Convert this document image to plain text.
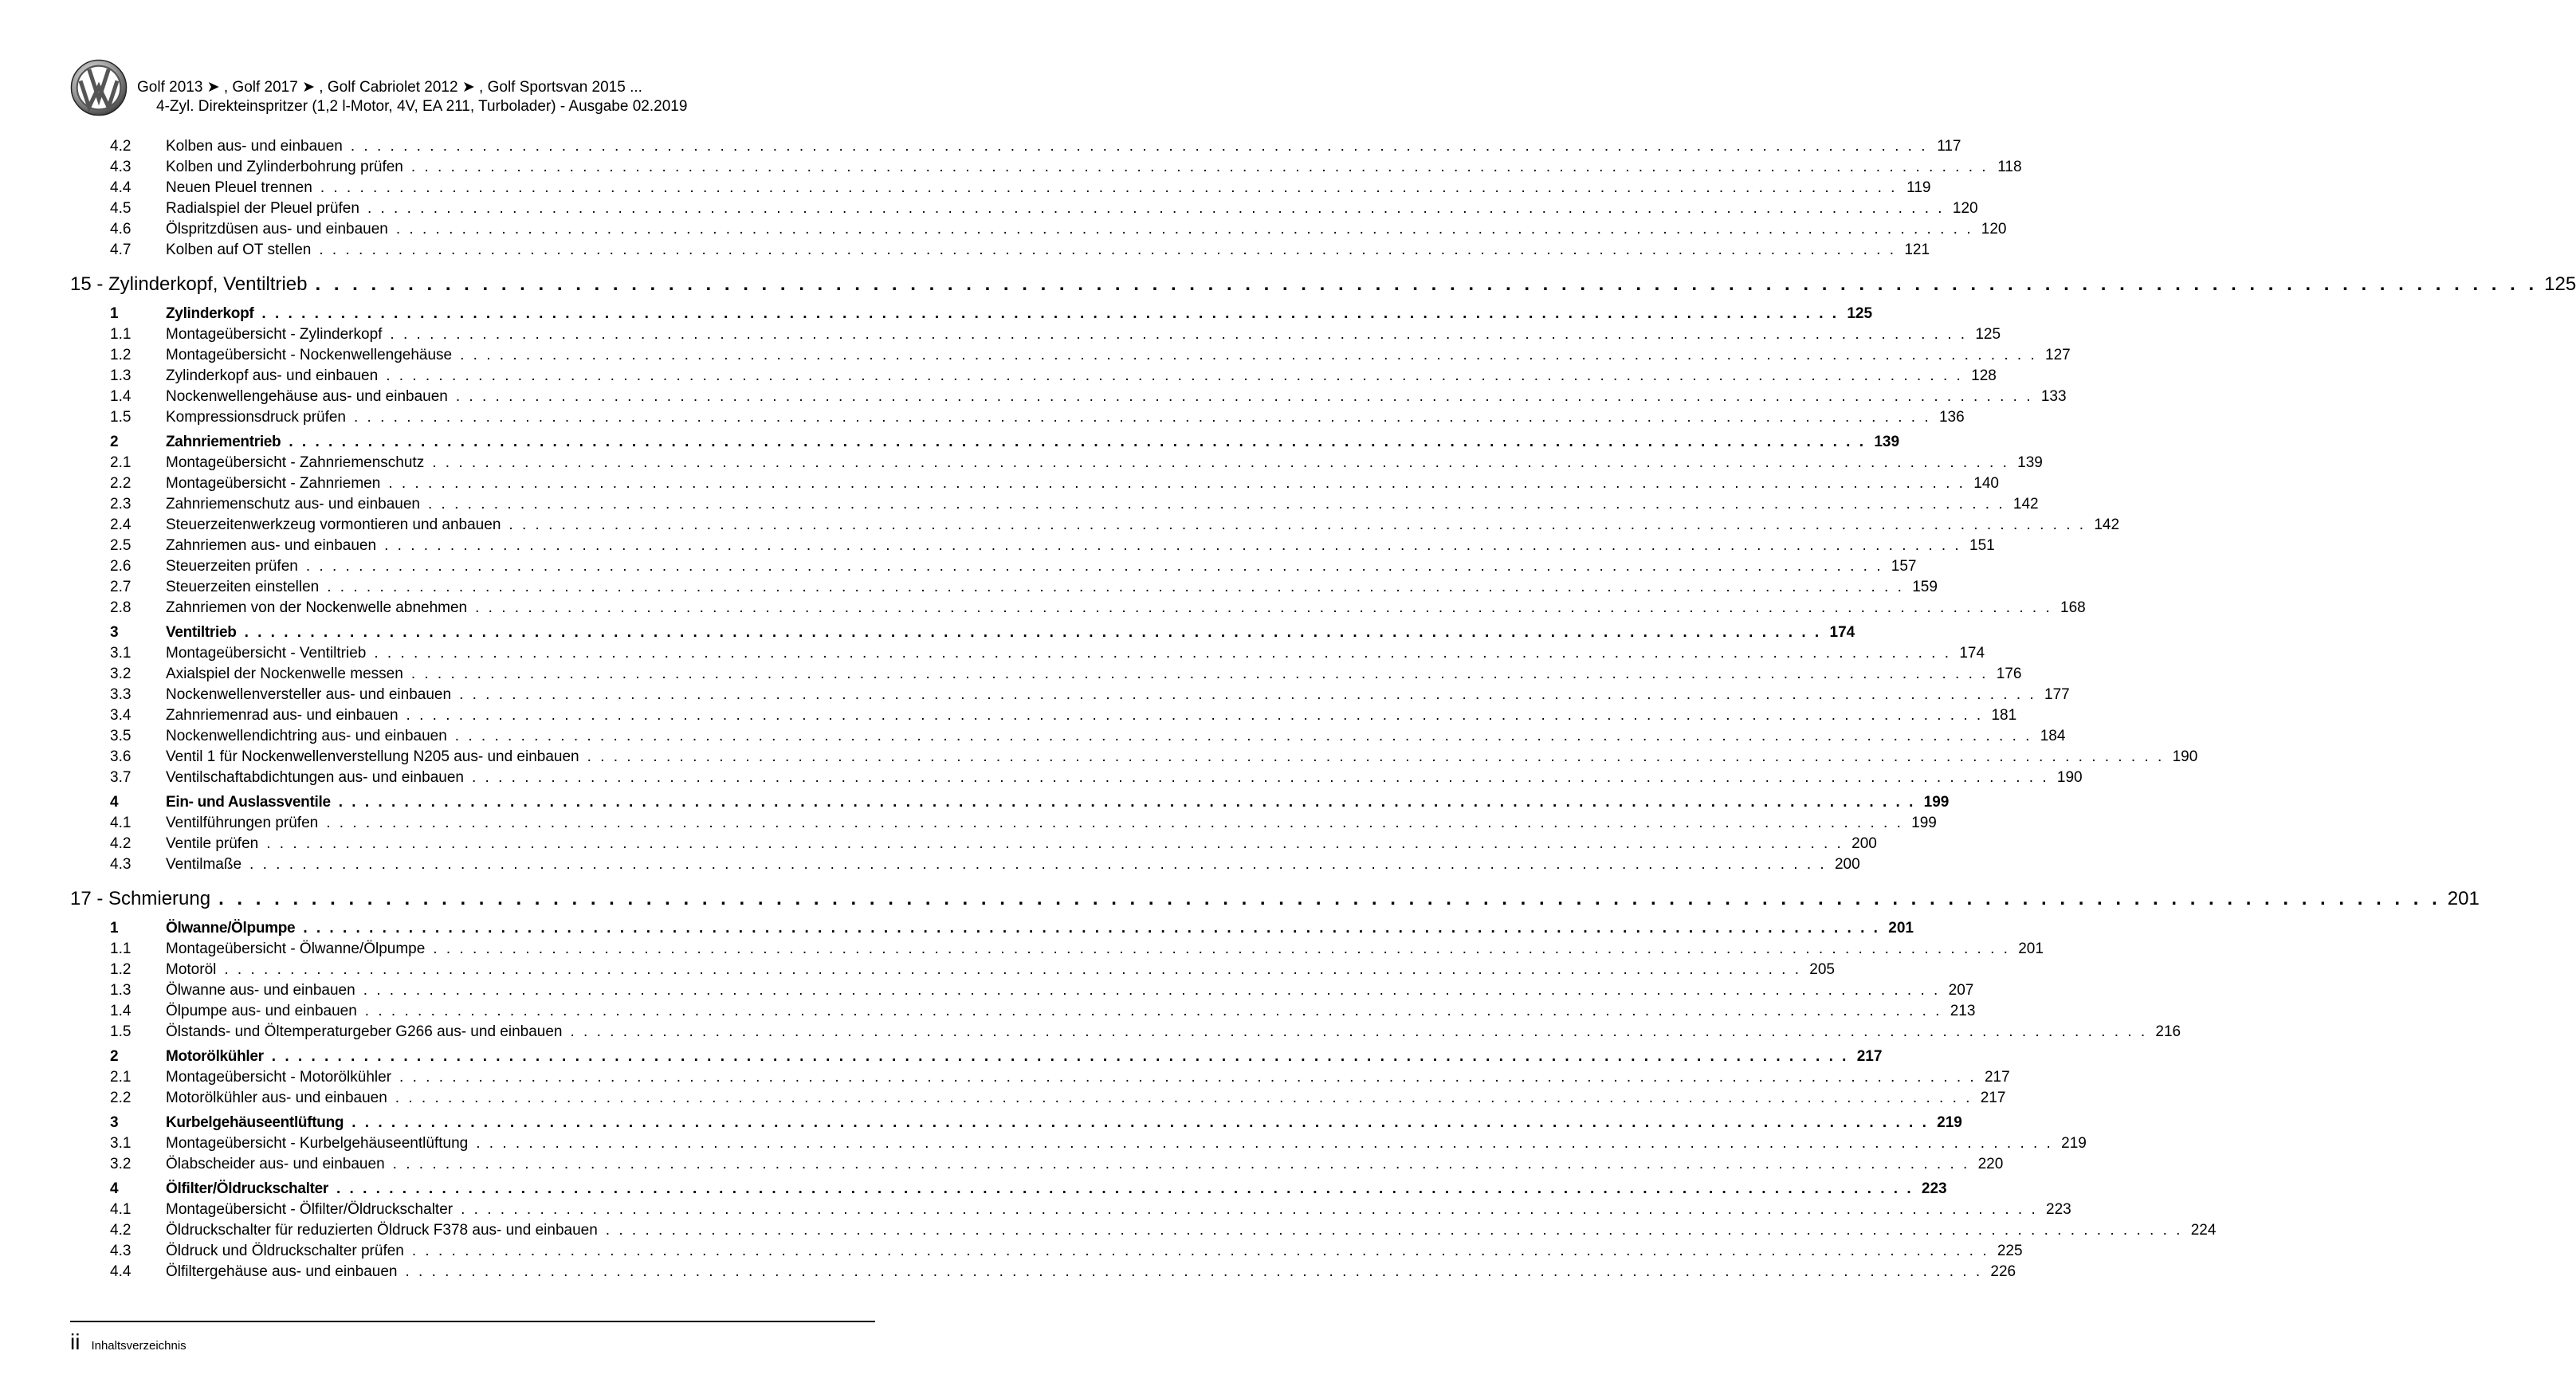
Golf 2013 ➤ , Golf 2017 ➤ , Golf Cabriolet 2012 ➤ , Golf Sportsvan 2015 ...
4-Zyl. Direkteinspritzer (1,2 l-Motor, 4V, EA 211, Turbolader) - Ausgabe 02.2019
4.2	Kolben aus- und einbauen . . . . . . . . . . . . . . . . . . . . . . . . . . . . . . . . . . . . . . . . . . . . . . . . . . . . . . . . . . . . . . . . . . . . . . . . . . . . . . . . . . . . . . . . . . . . . . . . . . . . . . . . . . . . . . . . . . . . . . . . 117
4.3	Kolben und Zylinderbohrung prüfen . . . . . . . . . . . . . . . . . . . . . . . . . . . . . . . . . . . . . . . . . . . . . . . . . . . . . . . . . . . . . . . . . . . . . . . . . . . . . . . . . . . . . . . . . . . . . . . . . . . . . . . . . . . . . . . . . . . . . . . . 118
4.4	Neuen Pleuel trennen . . . . . . . . . . . . . . . . . . . . . . . . . . . . . . . . . . . . . . . . . . . . . . . . . . . . . . . . . . . . . . . . . . . . . . . . . . . . . . . . . . . . . . . . . . . . . . . . . . . . . . . . . . . . . . . . . . . . . . . . 119
4.5	Radialspiel der Pleuel prüfen . . . . . . . . . . . . . . . . . . . . . . . . . . . . . . . . . . . . . . . . . . . . . . . . . . . . . . . . . . . . . . . . . . . . . . . . . . . . . . . . . . . . . . . . . . . . . . . . . . . . . . . . . . . . . . . . . . . . . . . . 120
4.6	Ölspritzdüsen aus- und einbauen . . . . . . . . . . . . . . . . . . . . . . . . . . . . . . . . . . . . . . . . . . . . . . . . . . . . . . . . . . . . . . . . . . . . . . . . . . . . . . . . . . . . . . . . . . . . . . . . . . . . . . . . . . . . . . . . . . . . . . . . 120
4.7	Kolben auf OT stellen . . . . . . . . . . . . . . . . . . . . . . . . . . . . . . . . . . . . . . . . . . . . . . . . . . . . . . . . . . . . . . . . . . . . . . . . . . . . . . . . . . . . . . . . . . . . . . . . . . . . . . . . . . . . . . . . . . . . . . . . 121
15 - Zylinderkopf, Ventiltrieb . . . . . . . . . . . . . . . . . . . . . . . . . . . . . . . . . . . . . . . . . . . . . . . . . . . . . . . . . . . . . . . . . . . . . . . . . . . . . . . . . . . . . . . . . . . . . . . . . . . . . . . . . . . . . . . . . . . . . . . . 125
1	Zylinderkopf . . . . . . . . . . . . . . . . . . . . . . . . . . . . . . . . . . . . . . . . . . . . . . . . . . . . . . . . . . . . . . . . . . . . . . . . . . . . . . . . . . . . . . . . . . . . . . . . . . . . . . . . . . . . . . . . . . . . . . . . 125
1.1	Montageübersicht - Zylinderkopf . . . . . . . . . . . . . . . . . . . . . . . . . . . . . . . . . . . . . . . . . . . . . . . . . . . . . . . . . . . . . . . . . . . . . . . . . . . . . . . . . . . . . . . . . . . . . . . . . . . . . . . . . . . . . . . . . . . . . . . . 125
1.2	Montageübersicht - Nockenwellengehäuse . . . . . . . . . . . . . . . . . . . . . . . . . . . . . . . . . . . . . . . . . . . . . . . . . . . . . . . . . . . . . . . . . . . . . . . . . . . . . . . . . . . . . . . . . . . . . . . . . . . . . . . . . . . . . . . . . . . . . . . . 127
1.3	Zylinderkopf aus- und einbauen . . . . . . . . . . . . . . . . . . . . . . . . . . . . . . . . . . . . . . . . . . . . . . . . . . . . . . . . . . . . . . . . . . . . . . . . . . . . . . . . . . . . . . . . . . . . . . . . . . . . . . . . . . . . . . . . . . . . . . . . 128
1.4	Nockenwellengehäuse aus- und einbauen . . . . . . . . . . . . . . . . . . . . . . . . . . . . . . . . . . . . . . . . . . . . . . . . . . . . . . . . . . . . . . . . . . . . . . . . . . . . . . . . . . . . . . . . . . . . . . . . . . . . . . . . . . . . . . . . . . . . . . . . 133
1.5	Kompressionsdruck prüfen . . . . . . . . . . . . . . . . . . . . . . . . . . . . . . . . . . . . . . . . . . . . . . . . . . . . . . . . . . . . . . . . . . . . . . . . . . . . . . . . . . . . . . . . . . . . . . . . . . . . . . . . . . . . . . . . . . . . . . . . 136
2	Zahnriementrieb . . . . . . . . . . . . . . . . . . . . . . . . . . . . . . . . . . . . . . . . . . . . . . . . . . . . . . . . . . . . . . . . . . . . . . . . . . . . . . . . . . . . . . . . . . . . . . . . . . . . . . . . . . . . . . . . . . . . . . . . 139
2.1	Montageübersicht - Zahnriemenschutz . . . . . . . . . . . . . . . . . . . . . . . . . . . . . . . . . . . . . . . . . . . . . . . . . . . . . . . . . . . . . . . . . . . . . . . . . . . . . . . . . . . . . . . . . . . . . . . . . . . . . . . . . . . . . . . . . . . . . . . . 139
2.2	Montageübersicht - Zahnriemen . . . . . . . . . . . . . . . . . . . . . . . . . . . . . . . . . . . . . . . . . . . . . . . . . . . . . . . . . . . . . . . . . . . . . . . . . . . . . . . . . . . . . . . . . . . . . . . . . . . . . . . . . . . . . . . . . . . . . . . . 140
2.3	Zahnriemenschutz aus- und einbauen . . . . . . . . . . . . . . . . . . . . . . . . . . . . . . . . . . . . . . . . . . . . . . . . . . . . . . . . . . . . . . . . . . . . . . . . . . . . . . . . . . . . . . . . . . . . . . . . . . . . . . . . . . . . . . . . . . . . . . . . 142
2.4	Steuerzeitenwerkzeug vormontieren und anbauen . . . . . . . . . . . . . . . . . . . . . . . . . . . . . . . . . . . . . . . . . . . . . . . . . . . . . . . . . . . . . . . . . . . . . . . . . . . . . . . . . . . . . . . . . . . . . . . . . . . . . . . . . . . . . . . . . . . . . . . . 142
2.5	Zahnriemen aus- und einbauen . . . . . . . . . . . . . . . . . . . . . . . . . . . . . . . . . . . . . . . . . . . . . . . . . . . . . . . . . . . . . . . . . . . . . . . . . . . . . . . . . . . . . . . . . . . . . . . . . . . . . . . . . . . . . . . . . . . . . . . . 151
2.6	Steuerzeiten prüfen . . . . . . . . . . . . . . . . . . . . . . . . . . . . . . . . . . . . . . . . . . . . . . . . . . . . . . . . . . . . . . . . . . . . . . . . . . . . . . . . . . . . . . . . . . . . . . . . . . . . . . . . . . . . . . . . . . . . . . . . 157
2.7	Steuerzeiten einstellen . . . . . . . . . . . . . . . . . . . . . . . . . . . . . . . . . . . . . . . . . . . . . . . . . . . . . . . . . . . . . . . . . . . . . . . . . . . . . . . . . . . . . . . . . . . . . . . . . . . . . . . . . . . . . . . . . . . . . . . . 159
2.8	Zahnriemen von der Nockenwelle abnehmen . . . . . . . . . . . . . . . . . . . . . . . . . . . . . . . . . . . . . . . . . . . . . . . . . . . . . . . . . . . . . . . . . . . . . . . . . . . . . . . . . . . . . . . . . . . . . . . . . . . . . . . . . . . . . . . . . . . . . . . . 168
3	Ventiltrieb . . . . . . . . . . . . . . . . . . . . . . . . . . . . . . . . . . . . . . . . . . . . . . . . . . . . . . . . . . . . . . . . . . . . . . . . . . . . . . . . . . . . . . . . . . . . . . . . . . . . . . . . . . . . . . . . . . . . . . . . 174
3.1	Montageübersicht - Ventiltrieb . . . . . . . . . . . . . . . . . . . . . . . . . . . . . . . . . . . . . . . . . . . . . . . . . . . . . . . . . . . . . . . . . . . . . . . . . . . . . . . . . . . . . . . . . . . . . . . . . . . . . . . . . . . . . . . . . . . . . . . . 174
3.2	Axialspiel der Nockenwelle messen . . . . . . . . . . . . . . . . . . . . . . . . . . . . . . . . . . . . . . . . . . . . . . . . . . . . . . . . . . . . . . . . . . . . . . . . . . . . . . . . . . . . . . . . . . . . . . . . . . . . . . . . . . . . . . . . . . . . . . . . 176
3.3	Nockenwellenversteller aus- und einbauen . . . . . . . . . . . . . . . . . . . . . . . . . . . . . . . . . . . . . . . . . . . . . . . . . . . . . . . . . . . . . . . . . . . . . . . . . . . . . . . . . . . . . . . . . . . . . . . . . . . . . . . . . . . . . . . . . . . . . . . . 177
3.4	Zahnriemenrad aus- und einbauen . . . . . . . . . . . . . . . . . . . . . . . . . . . . . . . . . . . . . . . . . . . . . . . . . . . . . . . . . . . . . . . . . . . . . . . . . . . . . . . . . . . . . . . . . . . . . . . . . . . . . . . . . . . . . . . . . . . . . . . . 181
3.5	Nockenwellendichtring aus- und einbauen . . . . . . . . . . . . . . . . . . . . . . . . . . . . . . . . . . . . . . . . . . . . . . . . . . . . . . . . . . . . . . . . . . . . . . . . . . . . . . . . . . . . . . . . . . . . . . . . . . . . . . . . . . . . . . . . . . . . . . . . 184
3.6	Ventil 1 für Nockenwellenverstellung N205 aus- und einbauen . . . . . . . . . . . . . . . . . . . . . . . . . . . . . . . . . . . . . . . . . . . . . . . . . . . . . . . . . . . . . . . . . . . . . . . . . . . . . . . . . . . . . . . . . . . . . . . . . . . . . . . . . . . . . . . . . . . . . . . . 190
3.7	Ventilschaftabdichtungen aus- und einbauen . . . . . . . . . . . . . . . . . . . . . . . . . . . . . . . . . . . . . . . . . . . . . . . . . . . . . . . . . . . . . . . . . . . . . . . . . . . . . . . . . . . . . . . . . . . . . . . . . . . . . . . . . . . . . . . . . . . . . . . . 190
4	Ein- und Auslassventile . . . . . . . . . . . . . . . . . . . . . . . . . . . . . . . . . . . . . . . . . . . . . . . . . . . . . . . . . . . . . . . . . . . . . . . . . . . . . . . . . . . . . . . . . . . . . . . . . . . . . . . . . . . . . . . . . . . . . . . . 199
4.1	Ventilführungen prüfen . . . . . . . . . . . . . . . . . . . . . . . . . . . . . . . . . . . . . . . . . . . . . . . . . . . . . . . . . . . . . . . . . . . . . . . . . . . . . . . . . . . . . . . . . . . . . . . . . . . . . . . . . . . . . . . . . . . . . . . . 199
4.2	Ventile prüfen . . . . . . . . . . . . . . . . . . . . . . . . . . . . . . . . . . . . . . . . . . . . . . . . . . . . . . . . . . . . . . . . . . . . . . . . . . . . . . . . . . . . . . . . . . . . . . . . . . . . . . . . . . . . . . . . . . . . . . . . 200
4.3	Ventilmaße . . . . . . . . . . . . . . . . . . . . . . . . . . . . . . . . . . . . . . . . . . . . . . . . . . . . . . . . . . . . . . . . . . . . . . . . . . . . . . . . . . . . . . . . . . . . . . . . . . . . . . . . . . . . . . . . . . . . . . . . 200
17 - Schmierung . . . . . . . . . . . . . . . . . . . . . . . . . . . . . . . . . . . . . . . . . . . . . . . . . . . . . . . . . . . . . . . . . . . . . . . . . . . . . . . . . . . . . . . . . . . . . . . . . . . . . . . . . . . . . . . . . . . . . . . . 201
1	Ölwanne/Ölpumpe . . . . . . . . . . . . . . . . . . . . . . . . . . . . . . . . . . . . . . . . . . . . . . . . . . . . . . . . . . . . . . . . . . . . . . . . . . . . . . . . . . . . . . . . . . . . . . . . . . . . . . . . . . . . . . . . . . . . . . . . 201
1.1	Montageübersicht - Ölwanne/Ölpumpe . . . . . . . . . . . . . . . . . . . . . . . . . . . . . . . . . . . . . . . . . . . . . . . . . . . . . . . . . . . . . . . . . . . . . . . . . . . . . . . . . . . . . . . . . . . . . . . . . . . . . . . . . . . . . . . . . . . . . . . . 201
1.2	Motoröl . . . . . . . . . . . . . . . . . . . . . . . . . . . . . . . . . . . . . . . . . . . . . . . . . . . . . . . . . . . . . . . . . . . . . . . . . . . . . . . . . . . . . . . . . . . . . . . . . . . . . . . . . . . . . . . . . . . . . . . . 205
1.3	Ölwanne aus- und einbauen . . . . . . . . . . . . . . . . . . . . . . . . . . . . . . . . . . . . . . . . . . . . . . . . . . . . . . . . . . . . . . . . . . . . . . . . . . . . . . . . . . . . . . . . . . . . . . . . . . . . . . . . . . . . . . . . . . . . . . . . 207
1.4	Ölpumpe aus- und einbauen . . . . . . . . . . . . . . . . . . . . . . . . . . . . . . . . . . . . . . . . . . . . . . . . . . . . . . . . . . . . . . . . . . . . . . . . . . . . . . . . . . . . . . . . . . . . . . . . . . . . . . . . . . . . . . . . . . . . . . . . 213
1.5	Ölstands- und Öltemperaturgeber G266 aus- und einbauen . . . . . . . . . . . . . . . . . . . . . . . . . . . . . . . . . . . . . . . . . . . . . . . . . . . . . . . . . . . . . . . . . . . . . . . . . . . . . . . . . . . . . . . . . . . . . . . . . . . . . . . . . . . . . . . . . . . . . . . . 216
2	Motorölkühler . . . . . . . . . . . . . . . . . . . . . . . . . . . . . . . . . . . . . . . . . . . . . . . . . . . . . . . . . . . . . . . . . . . . . . . . . . . . . . . . . . . . . . . . . . . . . . . . . . . . . . . . . . . . . . . . . . . . . . . . 217
2.1	Montageübersicht - Motorölkühler . . . . . . . . . . . . . . . . . . . . . . . . . . . . . . . . . . . . . . . . . . . . . . . . . . . . . . . . . . . . . . . . . . . . . . . . . . . . . . . . . . . . . . . . . . . . . . . . . . . . . . . . . . . . . . . . . . . . . . . . 217
2.2	Motorölkühler aus- und einbauen . . . . . . . . . . . . . . . . . . . . . . . . . . . . . . . . . . . . . . . . . . . . . . . . . . . . . . . . . . . . . . . . . . . . . . . . . . . . . . . . . . . . . . . . . . . . . . . . . . . . . . . . . . . . . . . . . . . . . . . . 217
3	Kurbelgehäuseentlüftung . . . . . . . . . . . . . . . . . . . . . . . . . . . . . . . . . . . . . . . . . . . . . . . . . . . . . . . . . . . . . . . . . . . . . . . . . . . . . . . . . . . . . . . . . . . . . . . . . . . . . . . . . . . . . . . . . . . . . . . . 219
3.1	Montageübersicht - Kurbelgehäuseentlüftung . . . . . . . . . . . . . . . . . . . . . . . . . . . . . . . . . . . . . . . . . . . . . . . . . . . . . . . . . . . . . . . . . . . . . . . . . . . . . . . . . . . . . . . . . . . . . . . . . . . . . . . . . . . . . . . . . . . . . . . . 219
3.2	Ölabscheider aus- und einbauen . . . . . . . . . . . . . . . . . . . . . . . . . . . . . . . . . . . . . . . . . . . . . . . . . . . . . . . . . . . . . . . . . . . . . . . . . . . . . . . . . . . . . . . . . . . . . . . . . . . . . . . . . . . . . . . . . . . . . . . . 220
4	Ölfilter/Öldruckschalter . . . . . . . . . . . . . . . . . . . . . . . . . . . . . . . . . . . . . . . . . . . . . . . . . . . . . . . . . . . . . . . . . . . . . . . . . . . . . . . . . . . . . . . . . . . . . . . . . . . . . . . . . . . . . . . . . . . . . . . . 223
4.1	Montageübersicht - Ölfilter/Öldruckschalter . . . . . . . . . . . . . . . . . . . . . . . . . . . . . . . . . . . . . . . . . . . . . . . . . . . . . . . . . . . . . . . . . . . . . . . . . . . . . . . . . . . . . . . . . . . . . . . . . . . . . . . . . . . . . . . . . . . . . . . . 223
4.2	Öldruckschalter für reduzierten Öldruck F378 aus- und einbauen . . . . . . . . . . . . . . . . . . . . . . . . . . . . . . . . . . . . . . . . . . . . . . . . . . . . . . . . . . . . . . . . . . . . . . . . . . . . . . . . . . . . . . . . . . . . . . . . . . . . . . . . . . . . . . . . . . . . . . . . 224
4.3	Öldruck und Öldruckschalter prüfen . . . . . . . . . . . . . . . . . . . . . . . . . . . . . . . . . . . . . . . . . . . . . . . . . . . . . . . . . . . . . . . . . . . . . . . . . . . . . . . . . . . . . . . . . . . . . . . . . . . . . . . . . . . . . . . . . . . . . . . . 225
4.4	Ölfiltergehäuse aus- und einbauen . . . . . . . . . . . . . . . . . . . . . . . . . . . . . . . . . . . . . . . . . . . . . . . . . . . . . . . . . . . . . . . . . . . . . . . . . . . . . . . . . . . . . . . . . . . . . . . . . . . . . . . . . . . . . . . . . . . . . . . . 226
ii Inhaltsverzeichnis
